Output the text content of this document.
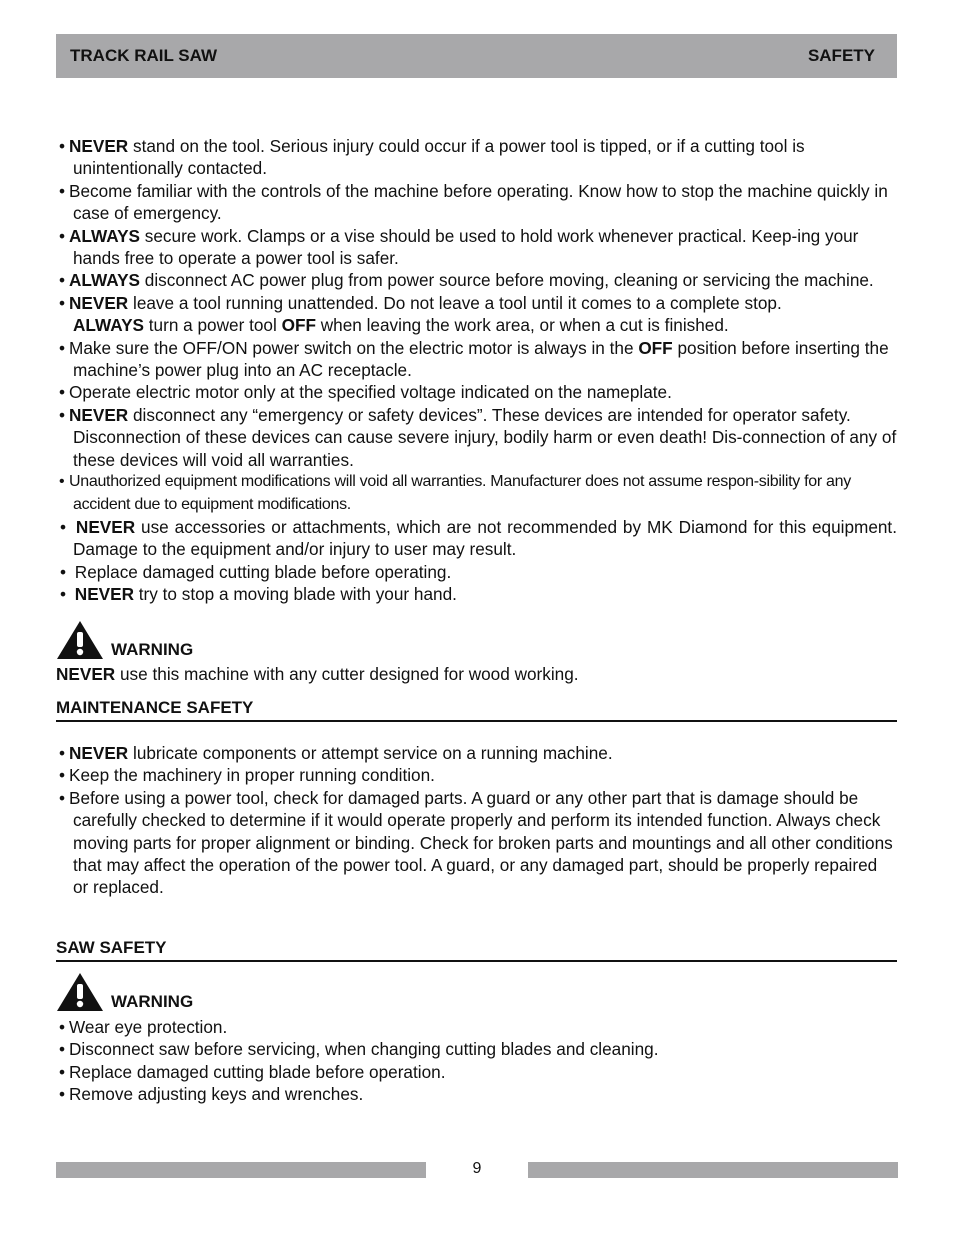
TRACK RAIL SAW	SAFETY
• NEVER stand on the tool. Serious injury could occur if a power tool is tipped, or if a cutting tool is unintentionally contacted.
• Become familiar with the controls of the machine before operating. Know how to stop the machine quickly in case of emergency.
• ALWAYS secure work. Clamps or a vise should be used to hold work whenever practical. Keep-ing your hands free to operate a power tool is safer.
• ALWAYS disconnect AC power plug from power source before moving, cleaning or servicing the machine.
• NEVER leave a tool running unattended. Do not leave a tool until it comes to a complete stop.
ALWAYS turn a power tool OFF when leaving the work area, or when a cut is finished.
• Make sure the OFF/ON power switch on the electric motor is always in the OFF position before inserting the machine’s power plug into an AC receptacle.
• Operate electric motor only at the specified voltage indicated on the nameplate.
• NEVER disconnect any “emergency or safety devices”. These devices are intended for operator safety. Disconnection of these devices can cause severe injury, bodily harm or even death! Dis-connection of any of these devices will void all warranties.
• Unauthorized equipment modifications will void all warranties. Manufacturer does not assume respon-sibility for any accident due to equipment modifications.
• NEVER use accessories or attachments, which are not recommended by MK Diamond for this equipment. Damage to the equipment and/or injury to user may result.
• Replace damaged cutting blade before operating.
• NEVER try to stop a moving blade with your hand.
WARNING

NEVER use this machine with any cutter designed for wood working.

MAINTENANCE SAFETY
• NEVER lubricate components or attempt service on a running machine.
• Keep the machinery in proper running condition.
• Before using a power tool, check for damaged parts. A guard or any other part that is damage should be carefully checked to determine if it would operate properly and perform its intended function. Always check moving parts for proper alignment or binding. Check for broken parts and mountings and all other conditions that may affect the operation of the power tool. A guard, or any damaged part, should be properly repaired or replaced.
SAW SAFETY
WARNING
• Wear eye protection.
• Disconnect saw before servicing, when changing cutting blades and cleaning.
• Replace damaged cutting blade before operation.
• Remove adjusting keys and wrenches.
9
